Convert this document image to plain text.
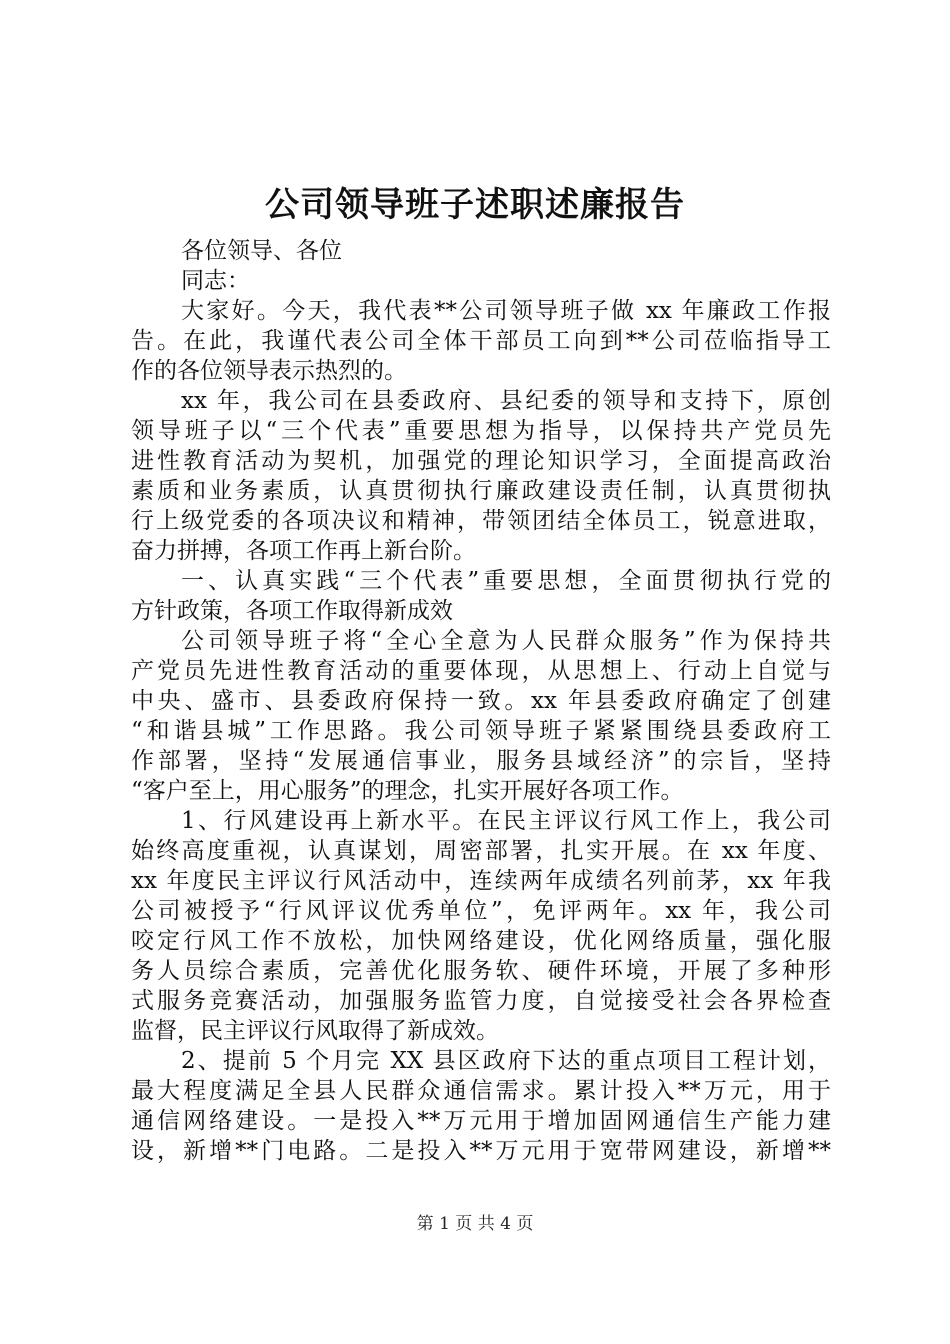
公司领导班子述职述廉报告
各位领导、各位
同志：
大家好。今天，我代表**公司领导班子做 xx 年廉政工作报
告。在此，我谨代表公司全体干部员工向到**公司莅临指导工
作的各位领导表示热烈的。
xx 年，我公司在县委政府、县纪委的领导和支持下，原创
领导班子以“三个代表”重要思想为指导，以保持共产党员先
进性教育活动为契机，加强党的理论知识学习，全面提高政治
素质和业务素质，认真贯彻执行廉政建设责任制，认真贯彻执
行上级党委的各项决议和精神，带领团结全体员工，锐意进取，
奋力拼搏，各项工作再上新台阶。
一、认真实践“三个代表”重要思想，全面贯彻执行党的
方针政策，各项工作取得新成效
公司领导班子将“全心全意为人民群众服务”作为保持共
产党员先进性教育活动的重要体现，从思想上、行动上自觉与
中央、盛市、县委政府保持一致。xx 年县委政府确定了创建
“和谐县城”工作思路。我公司领导班子紧紧围绕县委政府工
作部署，坚持“发展通信事业，服务县域经济”的宗旨，坚持
“客户至上，用心服务”的理念，扎实开展好各项工作。
1、行风建设再上新水平。在民主评议行风工作上，我公司
始终高度重视，认真谋划，周密部署，扎实开展。在 xx 年度、
xx 年度民主评议行风活动中，连续两年成绩名列前茅，xx 年我
公司被授予“行风评议优秀单位”，免评两年。xx 年，我公司
咬定行风工作不放松，加快网络建设，优化网络质量，强化服
务人员综合素质，完善优化服务软、硬件环境，开展了多种形
式服务竞赛活动，加强服务监管力度，自觉接受社会各界检查
监督，民主评议行风取得了新成效。
2、提前 5 个月完 XX 县区政府下达的重点项目工程计划，
最大程度满足全县人民群众通信需求。累计投入**万元，用于
通信网络建设。一是投入**万元用于增加固网通信生产能力建
设，新增**门电路。二是投入**万元用于宽带网建设，新增**
第 1 页 共 4 页
